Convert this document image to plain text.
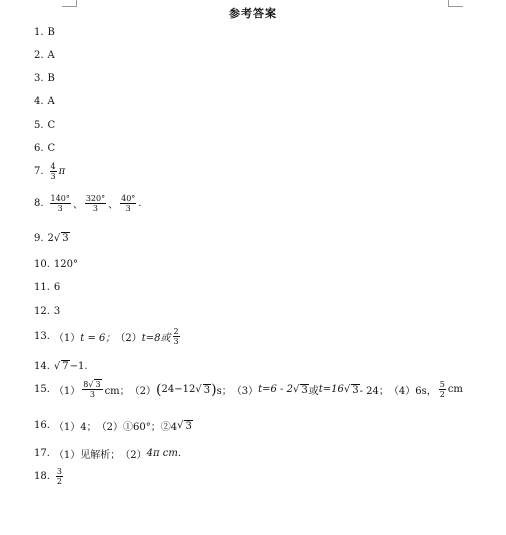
参考答案
1. B
2. A
3. B
4. A
5. C
6. C
7. $\frac{4}{3}$ π
8. $\frac{140^\circ}{3}$ 、 $\frac{320^\circ}{3}$ 、 $\frac{40^\circ}{3}$ .
9. 2 √ 3
10. 120°
11. 6
12. 3
13. （1） t = 6； （2） t=8或 $\frac{2}{3}$
14. √ 7 −1.
15. $(1) \frac{8√ 3}{3}$ cm； （2） ( 24−12 √ 3 ) s； （3） t=6 - 2 √ 3 或 t=16 √ 3 - 24； （4）6s， $\frac{5}{2}$ cm
16. （1）4； （2）①60°；②4 √ 3
17. （1）见解析； （2） 4π cm.
18. $\frac{3}{2}$
